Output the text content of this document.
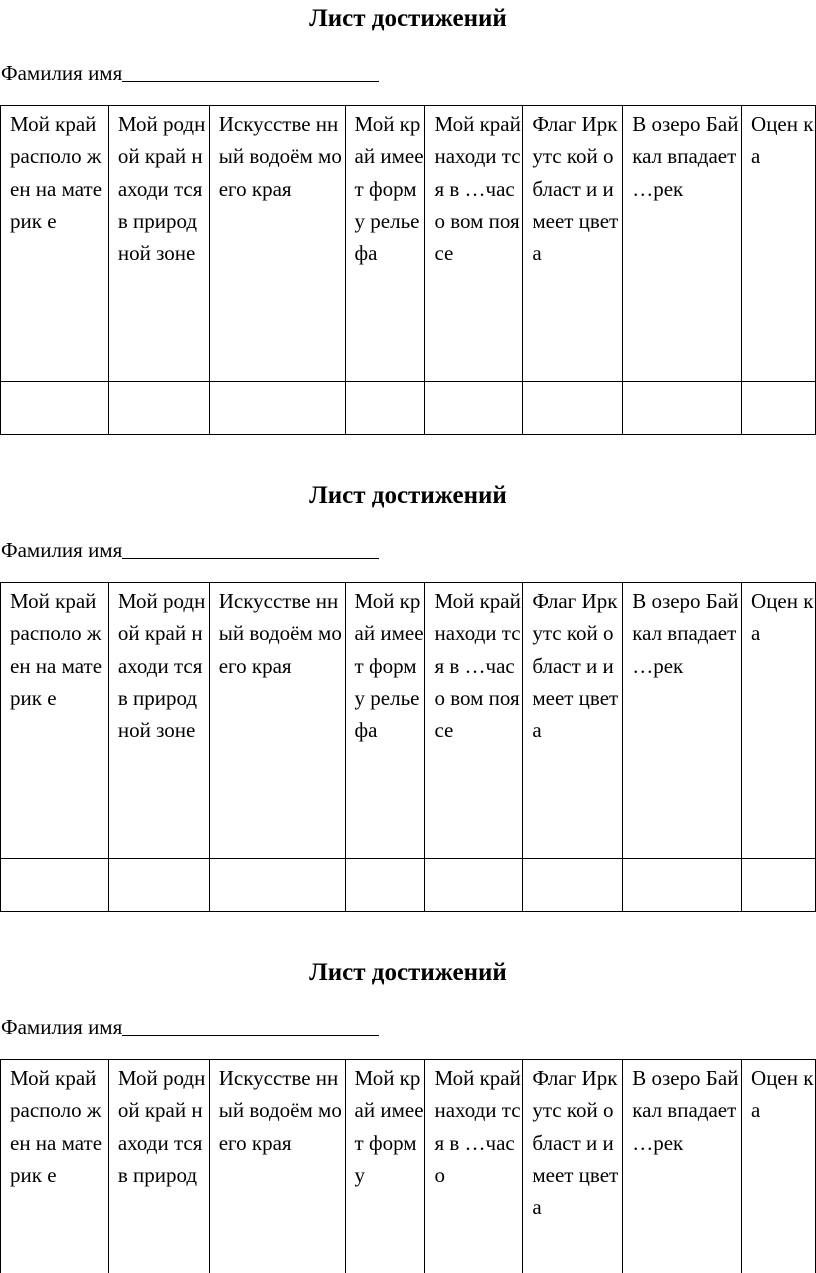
Лист достижений
Фамилия имя
Мой край располо жен на материк е	Мой родной край находи тся в природ ной зоне	Искусстве нный водоём моего края	Мой край имее т форм у релье фа	Мой край находи тся в …часо вом поясе	Флаг Иркутс кой област и имеет цвета	В озеро Байкал впадает …рек	Оцен ка

Лист достижений
Фамилия имя
Мой край располо жен на материк е	Мой родной край находи тся в природ ной зоне	Искусстве нный водоём моего края	Мой край имее т форм у релье фа	Мой край находи тся в …часо вом поясе	Флаг Иркутс кой област и имеет цвета	В озеро Байкал впадает …рек	Оцен ка

Лист достижений
Фамилия имя
Мой край располо жен на материк е	Мой родной край находи тся в природ	Искусстве нный водоём моего края	Мой край имее т форм у	Мой край находи тся в …часо	Флаг Иркутс кой област и имеет цвета	В озеро Байкал впадает …рек	Оцен ка
